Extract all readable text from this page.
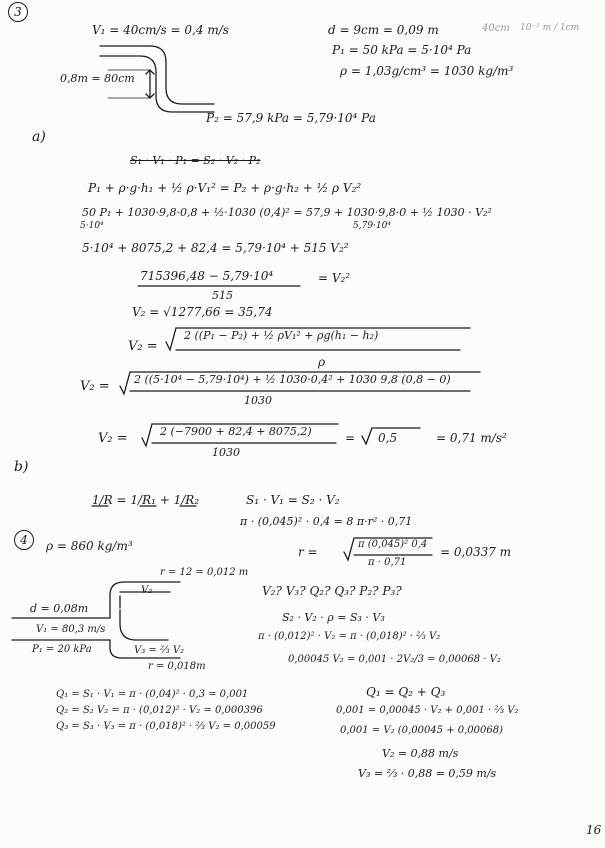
3
V₁ = 40cm/s = 0,4 m/s	d = 9cm = 0,09 m	40cm 10⁻² m / 1cm
P₁ = 50 kPa = 5·10⁴ Pa
ρ = 1,03g/cm³ = 1030 kg/m³
0,8m = 80cm
P₂ = 57,9 kPa = 5,79·10⁴ Pa
a)
S₁ · V₁ · P₁ = S₂ · V₂ · P₂
P₁ + ρ·g·h₁ + ½ ρ·V₁² = P₂ + ρ·g·h₂ + ½ ρ V₂²
50 P₁ + 1030·9,8·0,8 + ½·1030 (0,4)² = 57,9 + 1030·9,8·0 + ½ 1030 · V₂²
5·10⁴	5,79·10⁴
5·10⁴ + 8075,2 + 82,4 = 5,79·10⁴ + 515 V₂²
715396,48 − 5,79·10⁴	= V₂²
515
V₂ = √1277,66 = 35,74
V₂ =
2 ((P₁ − P₂) + ½ ρV₁² + ρg(h₁ − h₂)
ρ
V₂ = 2 ((5·10⁴ − 5,79·10⁴) + ½ 1030·0,4² + 1030 9,8 (0,8 − 0)
1030
V₂ =	2 (−7900 + 82,4 + 8075,2)
1030
= 0,5	= 0,71 m/s²
b)
1/R = 1/R₁ + 1/R₂	S₁ · V₁ = S₂ · V₂
π · (0,045)² · 0,4 = 8 π·r² · 0,71
r =
π (0,045)² 0,4
π · 0,71
= 0,0337 m
4	ρ = 860 kg/m³
r = 12 = 0,012 m
V₂
d = 0,08m
V₁ = 80,3 m/s
P₁ = 20 kPa	V₃ = ⅔ V₂
r = 0,018m
V₂? V₃? Q₂? Q₃? P₂? P₃?
S₂ · V₂ · ρ = S₃ · V₃
π · (0,012)² · V₂ = π · (0,018)² · ⅔ V₂
0,00045 V₂ = 0,001 · 2V₂/3 = 0,00068 · V₂
Q₁ = S₁ · V₁ = π · (0,04)² · 0,3 = 0,001
Q₂ = S₂ V₂ = π · (0,012)² · V₂ = 0,000396
Q₃ = S₃ · V₃ = π · (0,018)² · ⅔ V₂ = 0,00059
Q₁ = Q₂ + Q₃
0,001 = 0,00045 · V₂ + 0,001 · ⅔ V₂
0,001 = V₂ (0,00045 + 0,00068)
V₂ = 0,88 m/s
V₃ = ⅔ · 0,88 = 0,59 m/s
16
